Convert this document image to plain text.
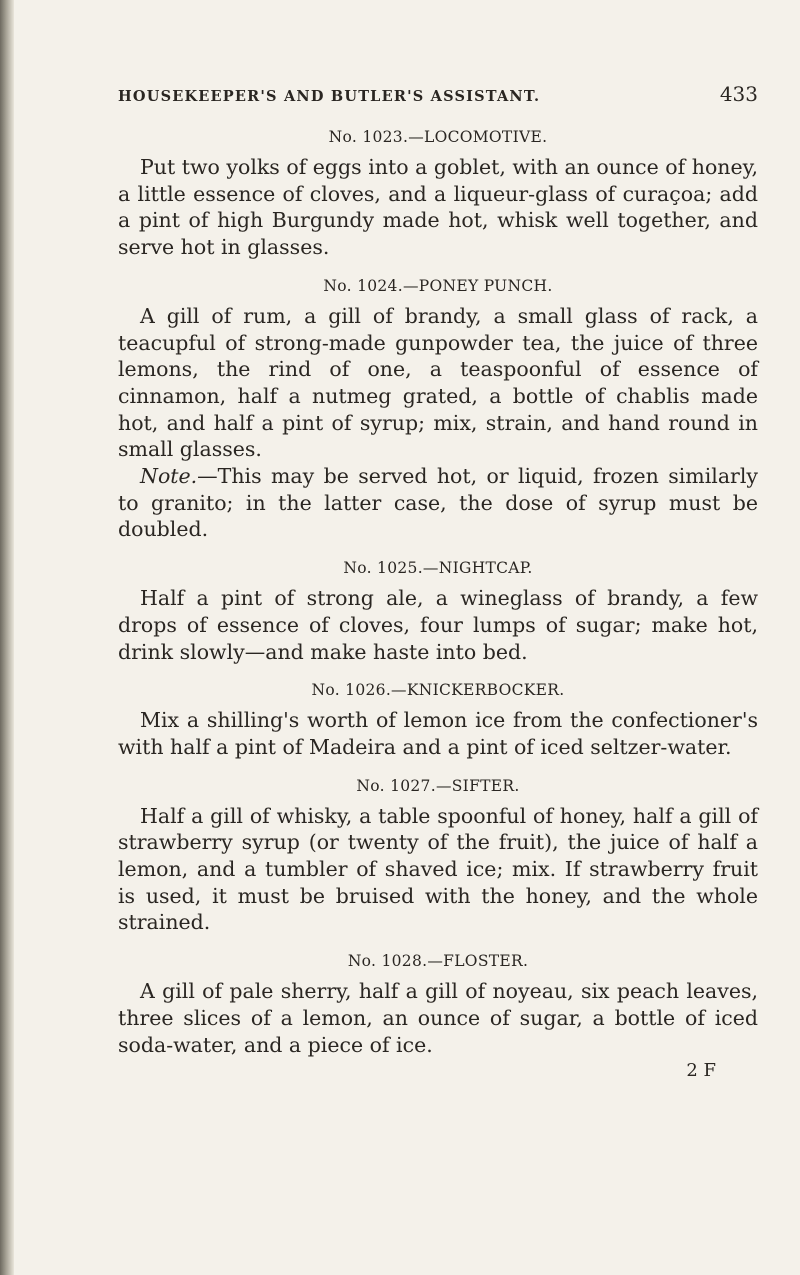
HOUSEKEEPER'S AND BUTLER'S ASSISTANT.	433
No. 1023.—LOCOMOTIVE.

Put two yolks of eggs into a goblet, with an ounce of honey, a little essence of cloves, and a liqueur-glass of curaçoa; add a pint of high Burgundy made hot, whisk well together, and serve hot in glasses.

No. 1024.—PONEY PUNCH.

A gill of rum, a gill of brandy, a small glass of rack, a teacupful of strong-made gunpowder tea, the juice of three lemons, the rind of one, a teaspoonful of essence of cinnamon, half a nutmeg grated, a bottle of chablis made hot, and half a pint of syrup; mix, strain, and hand round in small glasses.

Note.—This may be served hot, or liquid, frozen similarly to granito; in the latter case, the dose of syrup must be doubled.

No. 1025.—NIGHTCAP.

Half a pint of strong ale, a wineglass of brandy, a few drops of essence of cloves, four lumps of sugar; make hot, drink slowly—and make haste into bed.

No. 1026.—KNICKERBOCKER.

Mix a shilling's worth of lemon ice from the confectioner's with half a pint of Madeira and a pint of iced seltzer-water.

No. 1027.—SIFTER.

Half a gill of whisky, a table spoonful of honey, half a gill of strawberry syrup (or twenty of the fruit), the juice of half a lemon, and a tumbler of shaved ice; mix. If strawberry fruit is used, it must be bruised with the honey, and the whole strained.

No. 1028.—FLOSTER.

A gill of pale sherry, half a gill of noyeau, six peach leaves, three slices of a lemon, an ounce of sugar, a bottle of iced soda-water, and a piece of ice.

2 F
